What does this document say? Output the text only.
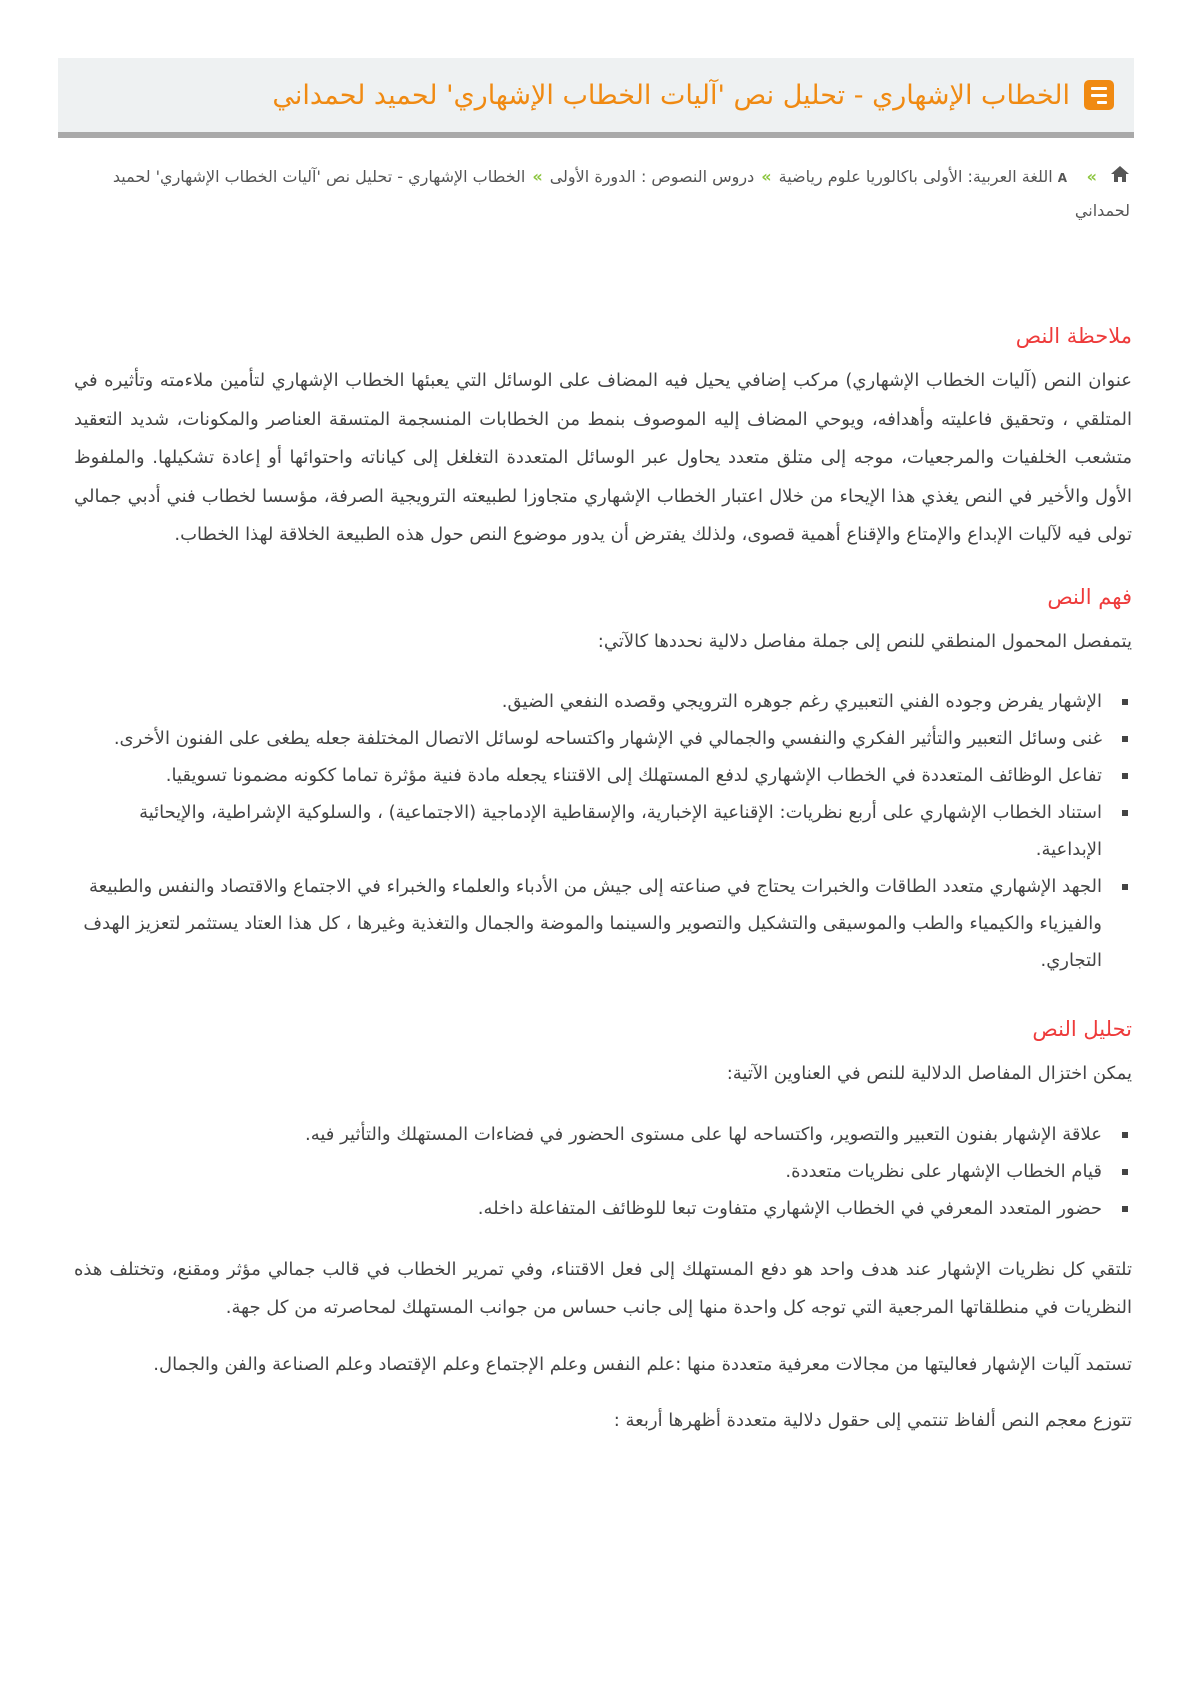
الخطاب الإشهاري - تحليل نص 'آليات الخطاب الإشهاري' لحميد لحمداني
»
A
اللغة العربية: الأولى باكالوريا علوم رياضية»دروس النصوص : الدورة الأولى»الخطاب الإشهاري - تحليل نص 'آليات الخطاب الإشهاري' لحميد لحمداني
ملاحظة النص

عنوان النص (آليات الخطاب الإشهاري) مركب إضافي يحيل فيه المضاف على الوسائل التي يعبئها الخطاب الإشهاري لتأمين ملاءمته وتأثيره في المتلقي ، وتحقيق فاعليته وأهدافه، ويوحي المضاف إليه الموصوف بنمط من الخطابات المنسجمة المتسقة العناصر والمكونات، شديد التعقيد متشعب الخلفيات والمرجعيات، موجه إلى متلق متعدد يحاول عبر الوسائل المتعددة التغلغل إلى كياناته واحتوائها أو إعادة تشكيلها. والملفوظ الأول والأخير في النص يغذي هذا الإيحاء من خلال اعتبار الخطاب الإشهاري متجاوزا لطبيعته الترويجية الصرفة، مؤسسا لخطاب فني أدبي جمالي تولى فيه لآليات الإبداع والإمتاع والإقناع أهمية قصوى، ولذلك يفترض أن يدور موضوع النص حول هذه الطبيعة الخلاقة لهذا الخطاب.

فهم النص

يتمفصل المحمول المنطقي للنص إلى جملة مفاصل دلالية نحددها كالآتي:

الإشهار يفرض وجوده الفني التعبيري رغم جوهره الترويجي وقصده النفعي الضيق.
غنى وسائل التعبير والتأثير الفكري والنفسي والجمالي في الإشهار واكتساحه لوسائل الاتصال المختلفة جعله يطغى على الفنون الأخرى.
تفاعل الوظائف المتعددة في الخطاب الإشهاري لدفع المستهلك إلى الاقتناء يجعله مادة فنية مؤثرة تماما ككونه مضمونا تسويقيا.
استناد الخطاب الإشهاري على أربع نظريات: الإقناعية الإخبارية، والإسقاطية الإدماجية (الاجتماعية) ، والسلوكية الإشراطية، والإيحائية الإبداعية.
الجهد الإشهاري متعدد الطاقات والخبرات يحتاج في صناعته إلى جيش من الأدباء والعلماء والخبراء في الاجتماع والاقتصاد والنفس والطبيعة والفيزياء والكيمياء والطب والموسيقى والتشكيل والتصوير والسينما والموضة والجمال والتغذية وغيرها ، كل هذا العتاد يستثمر لتعزيز الهدف التجاري.
تحليل النص

يمكن اختزال المفاصل الدلالية للنص في العناوين الآتية:

علاقة الإشهار بفنون التعبير والتصوير، واكتساحه لها على مستوى الحضور في فضاءات المستهلك والتأثير فيه.
قيام الخطاب الإشهار على نظريات متعددة.
حضور المتعدد المعرفي في الخطاب الإشهاري متفاوت تبعا للوظائف المتفاعلة داخله.

تلتقي كل نظريات الإشهار عند هدف واحد هو دفع المستهلك إلى فعل الاقتناء، وفي تمرير الخطاب في قالب جمالي مؤثر ومقنع، وتختلف هذه النظريات في منطلقاتها المرجعية التي توجه كل واحدة منها إلى جانب حساس من جوانب المستهلك لمحاصرته من كل جهة.

تستمد آليات الإشهار فعاليتها من مجالات معرفية متعددة منها :علم النفس وعلم الإجتماع وعلم الإقتصاد وعلم الصناعة والفن والجمال.

تتوزع معجم النص ألفاظ تنتمي إلى حقول دلالية متعددة أظهرها أربعة :
